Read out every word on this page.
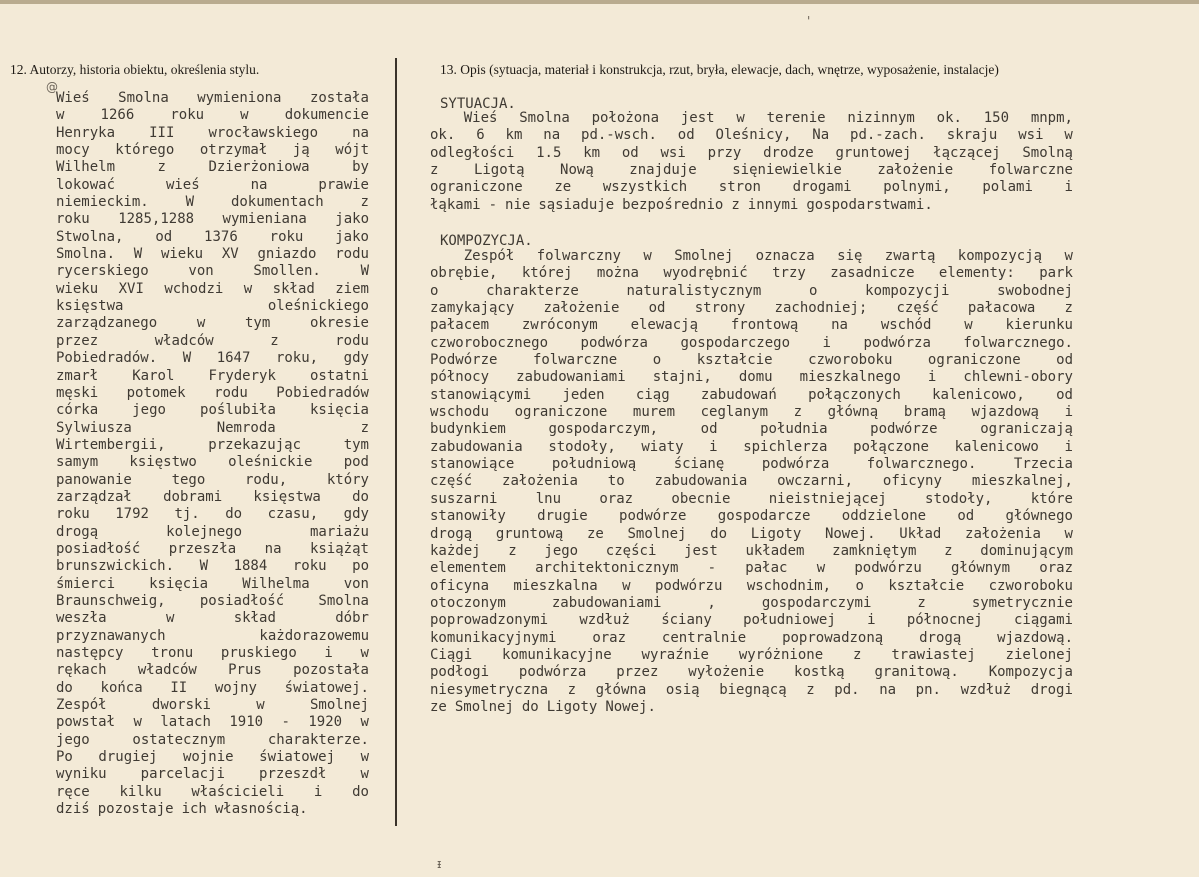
12. Autorzy, historia obiektu, określenia stylu.	13. Opis (sytuacja, materiał i konstrukcja, rzut, bryła, elewacje, dach, wnętrze, wyposażenie, instalacje)
@
'
ᵻ
Wieś Smolna wymieniona została
w	1266	roku	w	dokumencie
Henryka III wrocławskiego na
mocy którego otrzymał ją wójt
Wilhelm	z	Dzierżoniowa	by
lokować	wieś	na	prawie
niemieckim.	W	dokumentach	z
roku 1285,1288 wymieniana jako
Stwolna, od 1376 roku jako
Smolna. W wieku XV gniazdo rodu
rycerskiego	von	Smollen.	W
wieku XVI wchodzi w skład ziem
księstwa	oleśnickiego
zarządzanego	w	tym	okresie
przez	władców	z	rodu
Pobiedradów. W 1647 roku, gdy
zmarł Karol Fryderyk ostatni
męski potomek rodu Pobiedradów
córka jego poślubiła księcia
Sylwiusza	Nemroda	z
Wirtembergii,	przekazując	tym
samym księstwo oleśnickie pod
panowanie	tego	rodu,	który
zarządzał dobrami księstwa do
roku 1792 tj. do czasu, gdy
drogą	kolejnego	mariażu
posiadłość przeszła na książąt
brunszwickich. W 1884 roku po
śmierci księcia Wilhelma von
Braunschweig, posiadłość Smolna
weszła	w	skład	dóbr
przyznawanych	każdorazowemu
następcy tronu pruskiego i w
rękach władców Prus pozostała
do końca II wojny światowej.
Zespół	dworski	w	Smolnej
powstał w latach 1910 - 1920 w
jego	ostatecznym	charakterze.
Po drugiej wojnie światowej w
wyniku parcelacji przeszdł w
ręce kilku właścicieli i do
dziś pozostaje ich własnością.
SYTUACJA.
Wieś Smolna położona jest w terenie nizinnym ok. 150 mnpm,
ok. 6 km na pd.-wsch. od Oleśnicy, Na pd.-zach. skraju wsi w
odległości 1.5 km od wsi przy drodze gruntowej łączącej Smolną
z	Ligotą	Nową	znajduje	sięniewielkie	założenie	folwarczne
ograniczone ze wszystkich stron drogami polnymi, polami i
łąkami - nie sąsiaduje bezpośrednio z innymi gospodarstwami.
KOMPOZYCJA.
Zespół folwarczny w Smolnej oznacza się zwartą kompozycją w
obrębie, której można wyodrębnić trzy zasadnicze elementy: park
o	charakterze	naturalistycznym	o	kompozycji	swobodnej
zamykający założenie od strony zachodniej; część pałacowa z
pałacem zwróconym elewacją frontową na wschód w kierunku
czworobocznego podwórza gospodarczego i podwórza folwarcznego.
Podwórze	folwarczne	o	kształcie	czworoboku	ograniczone	od
północy zabudowaniami stajni, domu mieszkalnego i chlewni-obory
stanowiącymi jeden ciąg zabudowań połączonych kalenicowo, od
wschodu ograniczone murem ceglanym z główną bramą wjazdową i
budynkiem	gospodarczym,	od	południa	podwórze	ograniczają
zabudowania stodoły, wiaty i spichlerza połączone kalenicowo i
stanowiące	południową	ścianę	podwórza	folwarcznego.	Trzecia
część założenia to zabudowania owczarni, oficyny mieszkalnej,
suszarni	lnu	oraz	obecnie	nieistniejącej	stodoły,	które
stanowiły drugie podwórze gospodarcze oddzielone od głównego
drogą gruntową ze Smolnej do Ligoty Nowej. Układ założenia w
każdej z jego części jest układem zamkniętym z dominującym
elementem architektonicznym - pałac w podwórzu głównym oraz
oficyna mieszkalna w podwórzu wschodnim, o kształcie czworoboku
otoczonym	zabudowaniami	,	gospodarczymi	z	symetrycznie
poprowadzonymi wzdłuż ściany południowej i północnej ciągami
komunikacyjnymi	oraz	centralnie	poprowadzoną	drogą	wjazdową.
Ciągi komunikacyjne wyraźnie wyróżnione z trawiastej zielonej
podłogi podwórza przez wyłożenie kostką granitową. Kompozycja
niesymetryczna z główna osią biegnącą z pd. na pn. wzdłuż drogi
ze Smolnej do Ligoty Nowej.
